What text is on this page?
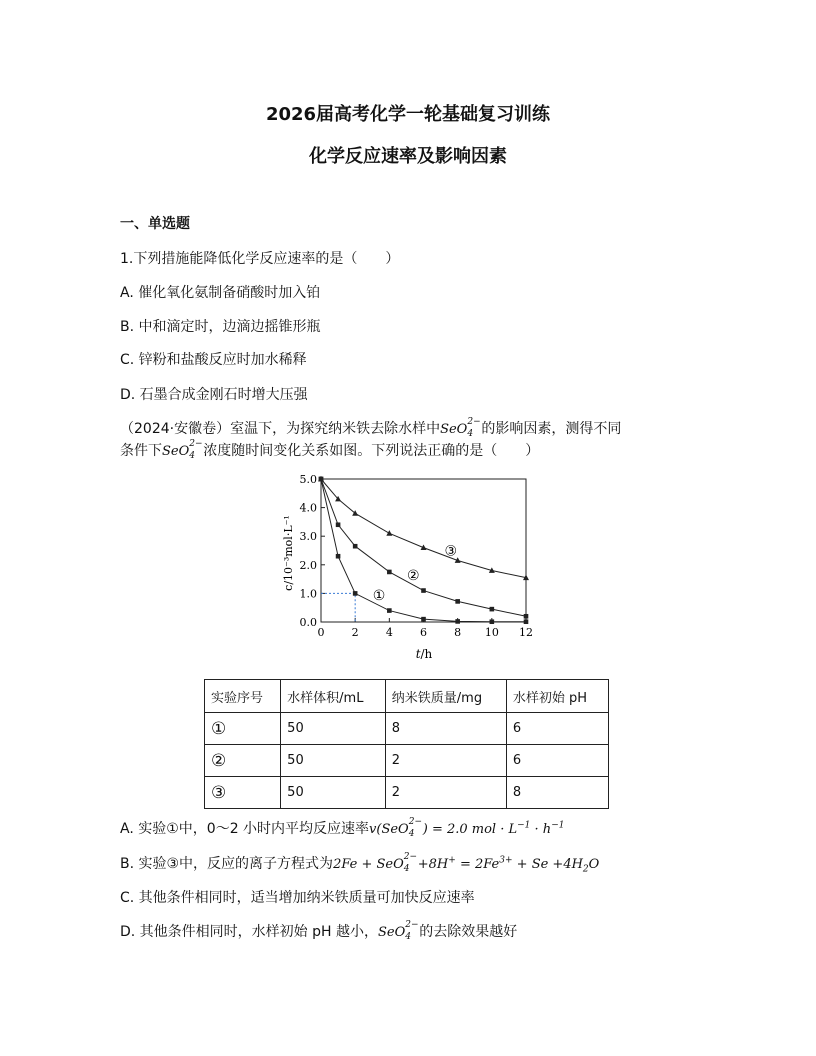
2026届高考化学一轮基础复习训练
化学反应速率及影响因素
一、单选题
1.下列措施能降低化学反应速率的是（　　）
A. 催化氧化氨制备硝酸时加入铂
B. 中和滴定时，边滴边摇锥形瓶
C. 锌粉和盐酸反应时加水稀释
D. 石墨合成金刚石时增大压强
（2024·安徽卷）室温下，为探究纳米铁去除水样中SeO
2−
4 的影响因素，测得不同
条件下SeO
2−
4 浓度随时间变化关系如图。下列说法正确的是（　　）
0 2 4 6 8 10 12
0.0
1.0
2.0
3.0
4.0
5.0
①
②
③
c/10⁻³mol·L⁻¹
t/h
实验序号	水样体积/mL	纳米铁质量/mg	水样初始 pH
①	50	8	6
②	50	2	6
③	50	2	8
A. 实验①中，0～2 小时内平均反应速率v(SeO
2−
4 ) = 2.0 mol · $L^{-1} \cdot h^{-1}$
B. 实验③中，反应的离子方程式为2Fe + SeO
2−
$4 +8H^+ = 2Fe^{3+} + Se +4H_2O$
C. 其他条件相同时，适当增加纳米铁质量可加快反应速率
D. 其他条件相同时，水样初始 pH 越小，SeO
2−
4 的去除效果越好
